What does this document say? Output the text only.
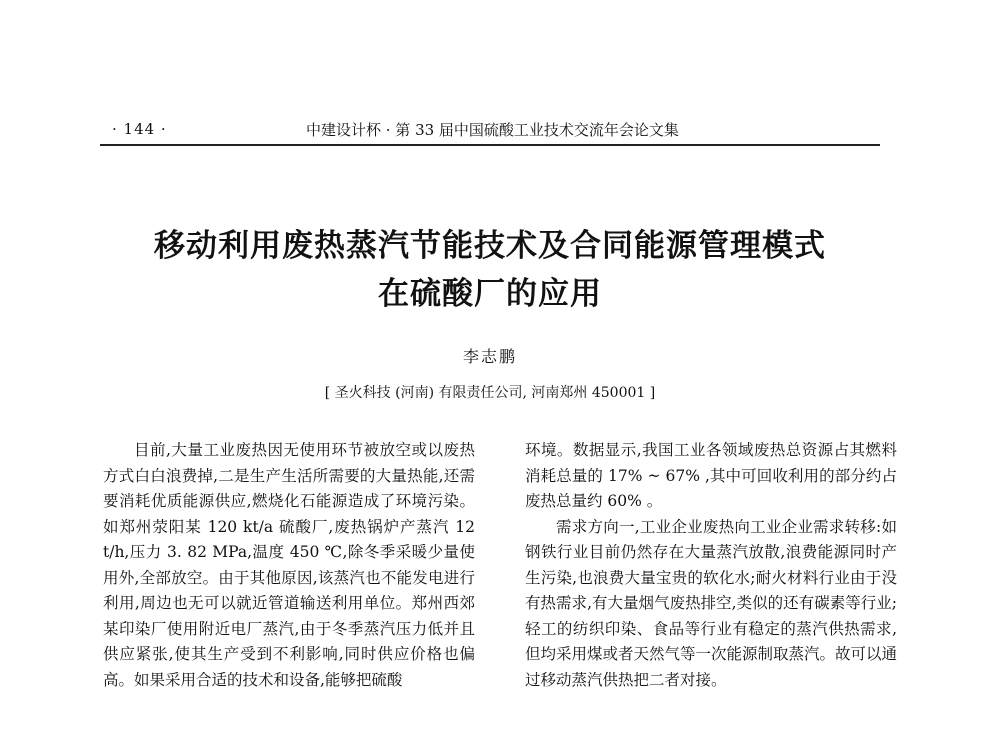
· 144 ·	中建设计杯 · 第 33 届中国硫酸工业技术交流年会论文集
移动利用废热蒸汽节能技术及合同能源管理模式
在硫酸厂的应用
李志鹏
[ 圣火科技 (河南) 有限责任公司, 河南郑州 450001 ]

目前,大量工业废热因无使用环节被放空或以废热方式白白浪费掉,二是生产生活所需要的大量热能,还需要消耗优质能源供应,燃烧化石能源造成了环境污染。如郑州荥阳某 120 kt/a 硫酸厂,废热锅炉产蒸汽 12 t/h,压力 3. 82 MPa,温度 450 ℃,除冬季采暖少量使用外,全部放空。由于其他原因,该蒸汽也不能发电进行利用,周边也无可以就近管道输送利用单位。郑州西郊某印染厂使用附近电厂蒸汽,由于冬季蒸汽压力低并且供应紧张,使其生产受到不利影响,同时供应价格也偏高。如果采用合适的技术和设备,能够把硫酸

环境。数据显示,我国工业各领域废热总资源占其燃料消耗总量的 17% ~ 67% ,其中可回收利用的部分约占废热总量约 60% 。

需求方向一,工业企业废热向工业企业需求转移:如钢铁行业目前仍然存在大量蒸汽放散,浪费能源同时产生污染,也浪费大量宝贵的软化水;耐火材料行业由于没有热需求,有大量烟气废热排空,类似的还有碳素等行业;轻工的纺织印染、食品等行业有稳定的蒸汽供热需求,但均采用煤或者天然气等一次能源制取蒸汽。故可以通过移动蒸汽供热把二者对接。
